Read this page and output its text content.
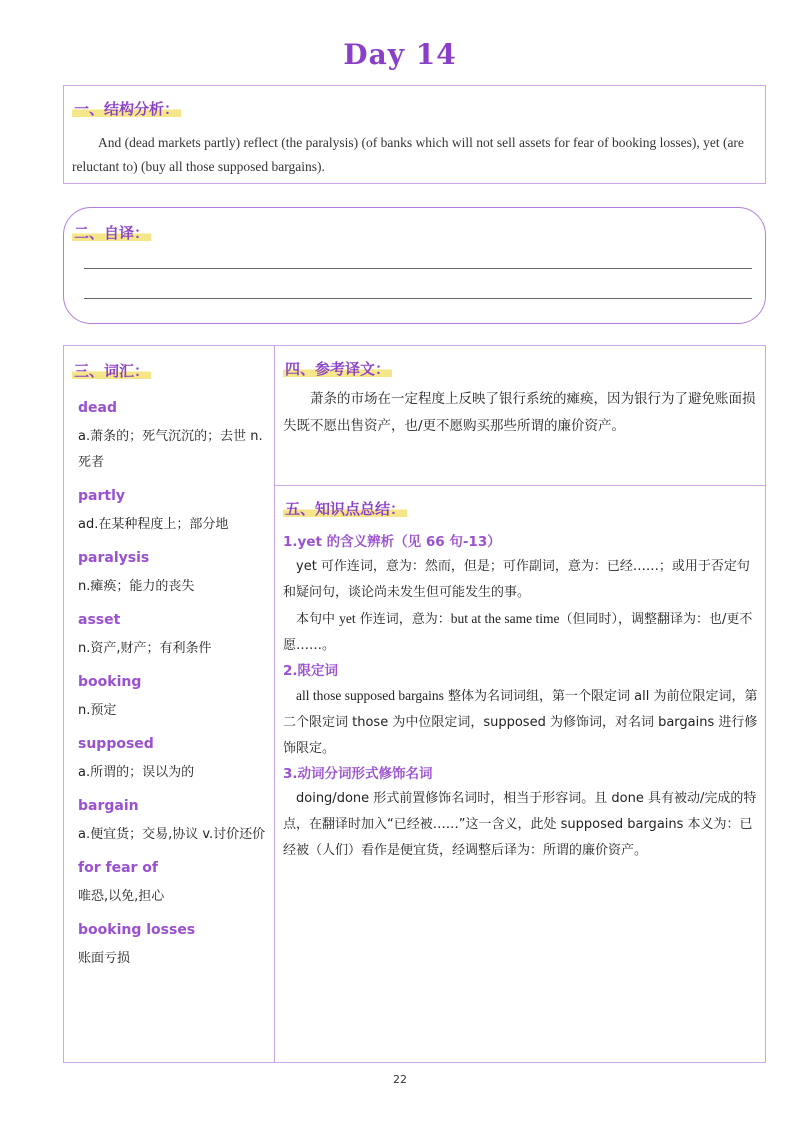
Day 14
一、结构分析：
And (dead markets partly) reflect (the paralysis) (of banks which will not sell assets for fear of booking losses), yet (are reluctant to) (buy all those supposed bargains).
二、自译：
三、词汇：
dead
a.萧条的；死气沉沉的；去世 n.死者
partly
ad.在某种程度上；部分地
paralysis
n.瘫痪；能力的丧失
asset
n.资产,财产；有利条件
booking
n.预定
supposed
a.所谓的；误以为的
bargain
a.便宜货；交易,协议 v.讨价还价
for fear of
唯恐,以免,担心
booking losses
账面亏损
四、参考译文：
萧条的市场在一定程度上反映了银行系统的瘫痪，因为银行为了避免账面损失既不愿出售资产，也/更不愿购买那些所谓的廉价资产。
五、知识点总结：
1.yet 的含义辨析（见 66 句-13）
yet 可作连词，意为：然而，但是；可作副词，意为：已经……；或用于否定句和疑问句，谈论尚未发生但可能发生的事。
本句中 yet 作连词，意为：but at the same time（但同时），调整翻译为：也/更不愿……。
2.限定词
all those supposed bargains 整体为名词词组，第一个限定词 all 为前位限定词，第二个限定词 those 为中位限定词，supposed 为修饰词，对名词 bargains 进行修饰限定。
3.动词分词形式修饰名词
doing/done 形式前置修饰名词时，相当于形容词。且 done 具有被动/完成的特点，在翻译时加入“已经被……”这一含义，此处 supposed bargains 本义为：已经被（人们）看作是便宜货，经调整后译为：所谓的廉价资产。
22
